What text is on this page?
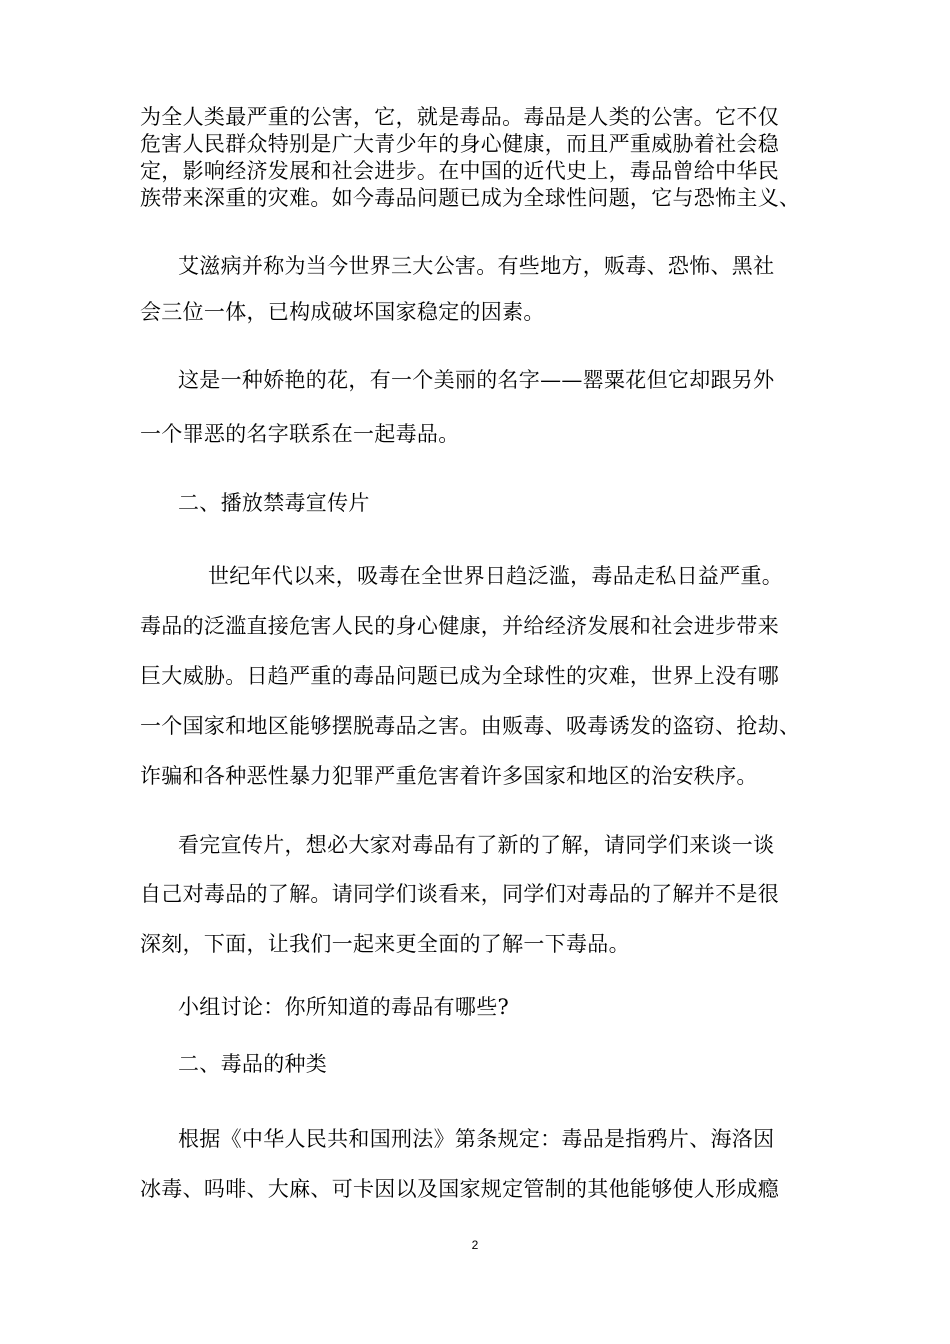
为全人类最严重的公害，它，就是毒品。毒品是人类的公害。它不仅

危害人民群众特别是广大青少年的身心健康，而且严重威胁着社会稳

定，影响经济发展和社会进步。在中国的近代史上，毒品曾给中华民

族带来深重的灾难。如今毒品问题已成为全球性问题，它与恐怖主义、

艾滋病并称为当今世界三大公害。有些地方，贩毒、恐怖、黑社

会三位一体，已构成破坏国家稳定的因素。

这是一种娇艳的花，有一个美丽的名字——罂粟花但它却跟另外

一个罪恶的名字联系在一起毒品。

二、播放禁毒宣传片

世纪年代以来，吸毒在全世界日趋泛滥，毒品走私日益严重。

毒品的泛滥直接危害人民的身心健康，并给经济发展和社会进步带来

巨大威胁。日趋严重的毒品问题已成为全球性的灾难，世界上没有哪

一个国家和地区能够摆脱毒品之害。由贩毒、吸毒诱发的盗窃、抢劫、

诈骗和各种恶性暴力犯罪严重危害着许多国家和地区的治安秩序。

看完宣传片，想必大家对毒品有了新的了解，请同学们来谈一谈

自己对毒品的了解。请同学们谈看来，同学们对毒品的了解并不是很

深刻，下面，让我们一起来更全面的了解一下毒品。

小组讨论：你所知道的毒品有哪些?

二、毒品的种类

根据《中华人民共和国刑法》第条规定：毒品是指鸦片、海洛因

冰毒、吗啡、大麻、可卡因以及国家规定管制的其他能够使人形成瘾

2
